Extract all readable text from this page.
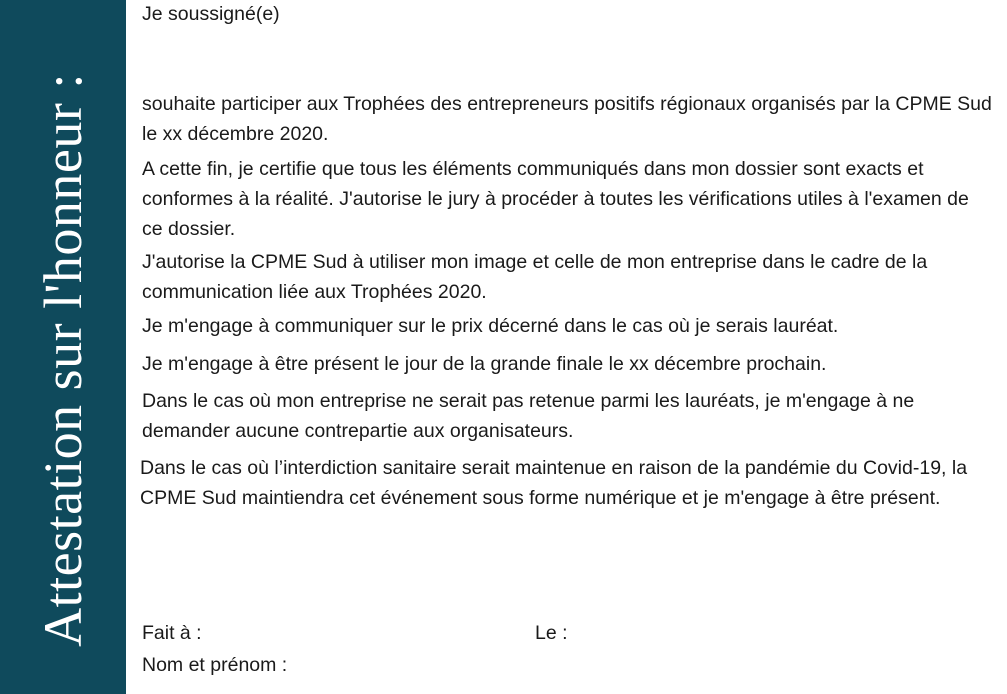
Attestation sur l'honneur :

Je soussigné(e)

souhaite participer aux Trophées des entrepreneurs positifs régionaux organisés par la CPME Sud le xx décembre 2020.

A cette fin, je certifie que tous les éléments communiqués dans mon dossier sont exacts et conformes à la réalité. J'autorise le jury à procéder à toutes les vérifications utiles à l'examen de ce dossier.

J'autorise la CPME Sud à utiliser mon image et celle de mon entreprise dans le cadre de la communication liée aux Trophées 2020.

Je m'engage à communiquer sur le prix décerné dans le cas où je serais lauréat.

Je m'engage à être présent le jour de la grande finale le xx décembre prochain.

Dans le cas où mon entreprise ne serait pas retenue parmi les lauréats, je m'engage à ne demander aucune contrepartie aux organisateurs.

Dans le cas où l’interdiction sanitaire serait maintenue en raison de la pandémie du Covid-19, la CPME Sud maintiendra cet événement sous forme numérique et je m'engage à être présent.

Fait à :	Le :

Nom et prénom :
